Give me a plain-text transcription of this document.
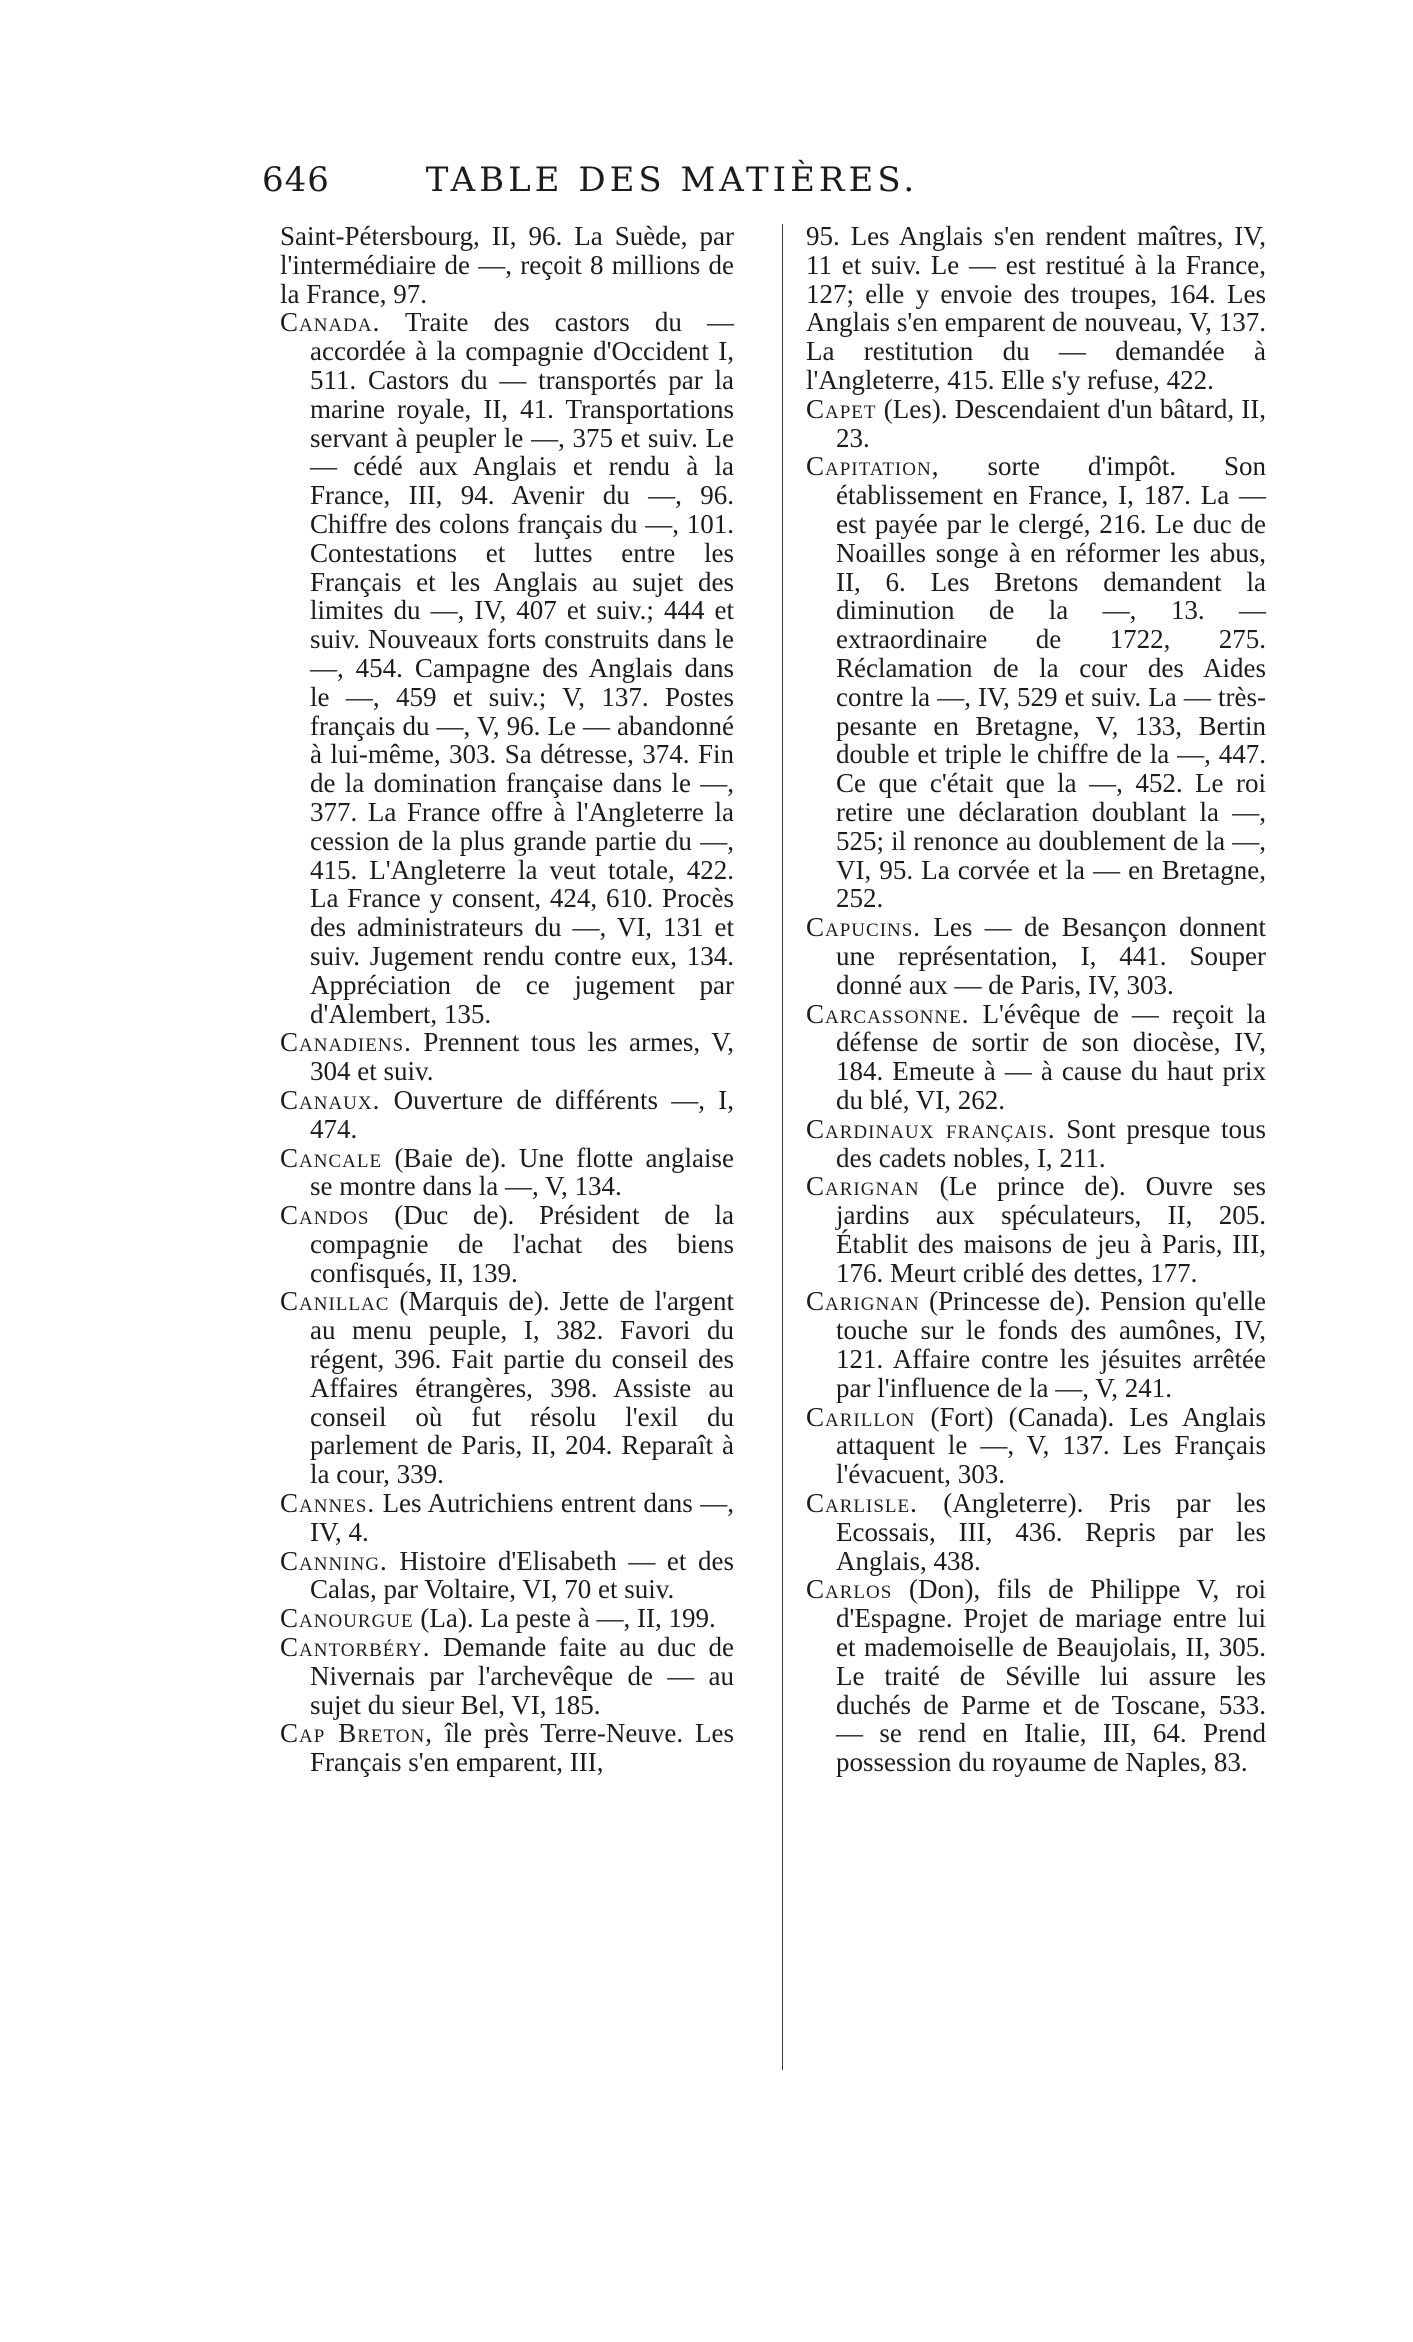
646	TABLE DES MATIÈRES.

Saint-Pétersbourg, II, 96. La Suède, par l'intermédiaire de —, reçoit 8 millions de la France, 97.

Canada. Traite des castors du — accordée à la compagnie d'Occident I, 511. Castors du — transportés par la marine royale, II, 41. Transportations servant à peupler le —, 375 et suiv. Le — cédé aux Anglais et rendu à la France, III, 94. Avenir du —, 96. Chiffre des colons français du —, 101. Contestations et luttes entre les Français et les Anglais au sujet des limites du —, IV, 407 et suiv.; 444 et suiv. Nouveaux forts construits dans le —, 454. Campagne des Anglais dans le —, 459 et suiv.; V, 137. Postes français du —, V, 96. Le — abandonné à lui-même, 303. Sa détresse, 374. Fin de la domination française dans le —, 377. La France offre à l'Angleterre la cession de la plus grande partie du —, 415. L'Angleterre la veut totale, 422. La France y consent, 424, 610. Procès des administrateurs du —, VI, 131 et suiv. Jugement rendu contre eux, 134. Appréciation de ce jugement par d'Alembert, 135.

Canadiens. Prennent tous les armes, V, 304 et suiv.

Canaux. Ouverture de différents —, I, 474.

Cancale (Baie de). Une flotte anglaise se montre dans la —, V, 134.

Candos (Duc de). Président de la compagnie de l'achat des biens confisqués, II, 139.

Canillac (Marquis de). Jette de l'argent au menu peuple, I, 382. Favori du régent, 396. Fait partie du conseil des Affaires étrangères, 398. Assiste au conseil où fut résolu l'exil du parlement de Paris, II, 204. Reparaît à la cour, 339.

Cannes. Les Autrichiens entrent dans —, IV, 4.

Canning. Histoire d'Elisabeth — et des Calas, par Voltaire, VI, 70 et suiv.

Canourgue (La). La peste à —, II, 199.

Cantorbéry. Demande faite au duc de Nivernais par l'archevêque de — au sujet du sieur Bel, VI, 185.

Cap Breton, île près Terre-Neuve. Les Français s'en emparent, III,

95. Les Anglais s'en rendent maîtres, IV, 11 et suiv. Le — est restitué à la France, 127; elle y envoie des troupes, 164. Les Anglais s'en emparent de nouveau, V, 137. La restitution du — demandée à l'Angleterre, 415. Elle s'y refuse, 422.

Capet (Les). Descendaient d'un bâtard, II, 23.

Capitation, sorte d'impôt. Son établissement en France, I, 187. La — est payée par le clergé, 216. Le duc de Noailles songe à en réformer les abus, II, 6. Les Bretons demandent la diminution de la —, 13. — extraordinaire de 1722, 275. Réclamation de la cour des Aides contre la —, IV, 529 et suiv. La — très-pesante en Bretagne, V, 133, Bertin double et triple le chiffre de la —, 447. Ce que c'était que la —, 452. Le roi retire une déclaration doublant la —, 525; il renonce au doublement de la —, VI, 95. La corvée et la — en Bretagne, 252.

Capucins. Les — de Besançon donnent une représentation, I, 441. Souper donné aux — de Paris, IV, 303.

Carcassonne. L'évêque de — reçoit la défense de sortir de son diocèse, IV, 184. Emeute à — à cause du haut prix du blé, VI, 262.

Cardinaux français. Sont presque tous des cadets nobles, I, 211.

Carignan (Le prince de). Ouvre ses jardins aux spéculateurs, II, 205. Établit des maisons de jeu à Paris, III, 176. Meurt criblé des dettes, 177.

Carignan (Princesse de). Pension qu'elle touche sur le fonds des aumônes, IV, 121. Affaire contre les jésuites arrêtée par l'influence de la —, V, 241.

Carillon (Fort) (Canada). Les Anglais attaquent le —, V, 137. Les Français l'évacuent, 303.

Carlisle. (Angleterre). Pris par les Ecossais, III, 436. Repris par les Anglais, 438.

Carlos (Don), fils de Philippe V, roi d'Espagne. Projet de mariage entre lui et mademoiselle de Beaujolais, II, 305. Le traité de Séville lui assure les duchés de Parme et de Toscane, 533. — se rend en Italie, III, 64. Prend possession du royaume de Naples, 83.
